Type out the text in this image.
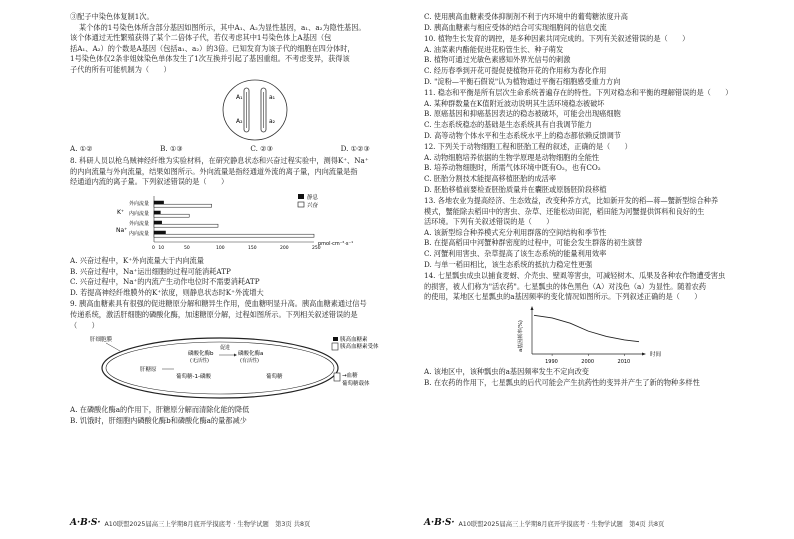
③配子中染色体复制1次。

某个体的1号染色体所含部分基因如图所示，其中A₁、A₂为显性基因，a₁、a₂为隐性基因。

该个体通过无性繁殖获得了某个二倍体子代，若仅考虑其中1号染色体上A基因（包

括A₁、A₂）的个数是A基因（包括a₁、a₂）的3倍。已知发育为该子代的细胞在四分体时，

1号染色体仅2条非姐妹染色单体发生了1次互换并引起了基因重组。不考虑变异，获得该

子代的所有可能机制为（　　）

A₁
A₂
a₁
a₂
A. ①②	B. ①③	C. ②③	D. ①②③

8. 科研人员以枪乌贼神经纤维为实验材料，在研究静息状态和兴奋过程实验中，测得K⁺、Na⁺

的内向流量与外向流量，结果如图所示。外向流量是指经通道外流的离子量，内向流量是指

经通道内流的离子量。下列叙述错误的是（　　）

静息
兴奋
K⁺
Na⁺
外向流量
内向流量
外向流量
内向流量
0 10	50	100	150	200	250
pmol·cm⁻²·s⁻¹

A. 兴奋过程中，K⁺外向流量大于内向流量

B. 兴奋过程中，Na⁺运出细胞的过程可能消耗ATP

C. 兴奋过程中，Na⁺的内流产生动作电位时不需要消耗ATP

D. 若提高神经纤维膜外的K⁺浓度，则静息状态时K⁺外流增大

9. 胰高血糖素具有很强的促进糖原分解和糖异生作用，使血糖明显升高。胰高血糖素通过信号

传递系统，激活肝细胞的磷酸化酶，加速糖原分解，过程如图所示。下列相关叙述错误的是

（　　）

肝细胞膜	胰高血糖素
胰高血糖素受体
磷酸化酶b
(无活性)
磷酸化酶a
(有活性)
促进
肝糖原
葡萄糖-1-磷酸	葡萄糖	→血糖
葡萄糖载体

A. 在磷酸化酶a的作用下，肝糖原分解而清除化能的降低

B. 饥饿时，肝细胞内磷酸化酶b和磷酸化酶a的量都减少

C. 使用胰高血糖素受体抑制剂不利于内环境中的葡萄糖浓度升高

D. 胰高血糖素与相应受体的结合可实现细胞间的信息交流

10. 植物生长发育的调控，是多种因素共同完成的。下列有关叙述错误的是（　　）

A. 油菜素内酯能促进花粉管生长、种子萌发

B. 植物可通过光敏色素感知外界光信号的刺激

C. 经历春季到开花可提促使植物开花的作用称为春化作用

D. "淀粉—平衡石假说"认为植物通过平衡石细胞感受重力方向

11. 稳态和平衡是所有层次生命系统普遍存在的特性。下列对稳态和平衡的理解错误的是（　　）

A. 某种群数量在K值附近波动说明其生活环境稳态被破坏

B. 原癌基因和抑癌基因表达的稳态被破坏，可能会出现癌细胞

C. 生态系统稳态的基础是生态系统具有自我调节能力

D. 高等动物个体水平和生态系统水平上的稳态都依赖反馈调节

12. 下列关于动物细胞工程和胚胎工程的叙述，正确的是（　　）

A. 动物细胞培养依据的生物学原理是动物细胞的全能性

B. 培养动物细胞时，所需气体环境中既有O₂，也有CO₂

C. 胚胎分割技术能提高移植胚胎的成活率

D. 胚胎移植前要检查胚胎质量并在囊胚或原肠胚阶段移植

13. 各地农业为提高经济、生态效益，改变种养方式，比如新开发的稻—蒋—蟹新型综合种养

模式，蟹能除去稻田中的害虫、杂草、还能松动田泥，稻田能为河蟹提供饵料和良好的生

活环境。下列有关叙述错误的是（　　）

A. 该新型综合种养模式充分利用群落的空间结构和季节性

B. 在提高稻田中河蟹种群密度的过程中，可能会发生群落的初生演替

C. 河蟹利用害虫、杂草提高了该生态系统的能量利用效率

D. 与单一稻田相比，该生态系统的抵抗力稳定性更强

14. 七星瓢虫成虫以捕食麦蚜、介壳虫、壁虱等害虫，可减轻树木、瓜果及各种农作物遭受害虫

的损害，被人们称为"活农药"。七星瓢虫的体色黑色（A）对浅色（a）为显性。随着农药

的使用，某地区七星瓢虫的a基因频率的变化情况如图所示。下列叙述正确的是（　　）

a基因频率(%)
1990	2000	2010
时间

A. 该地区中，该种瓢虫的a基因频率发生不定向改变

B. 在农药的作用下，七星瓢虫的后代可能会产生抗药性的变异并产生了新的物种多样性

A·B·S· A10联盟2025届高三上学期8月底开学摸底考 · 生物学试题　第3页 共8页	A·B·S· A10联盟2025届高三上学期8月底开学摸底考 · 生物学试题　第4页 共8页
